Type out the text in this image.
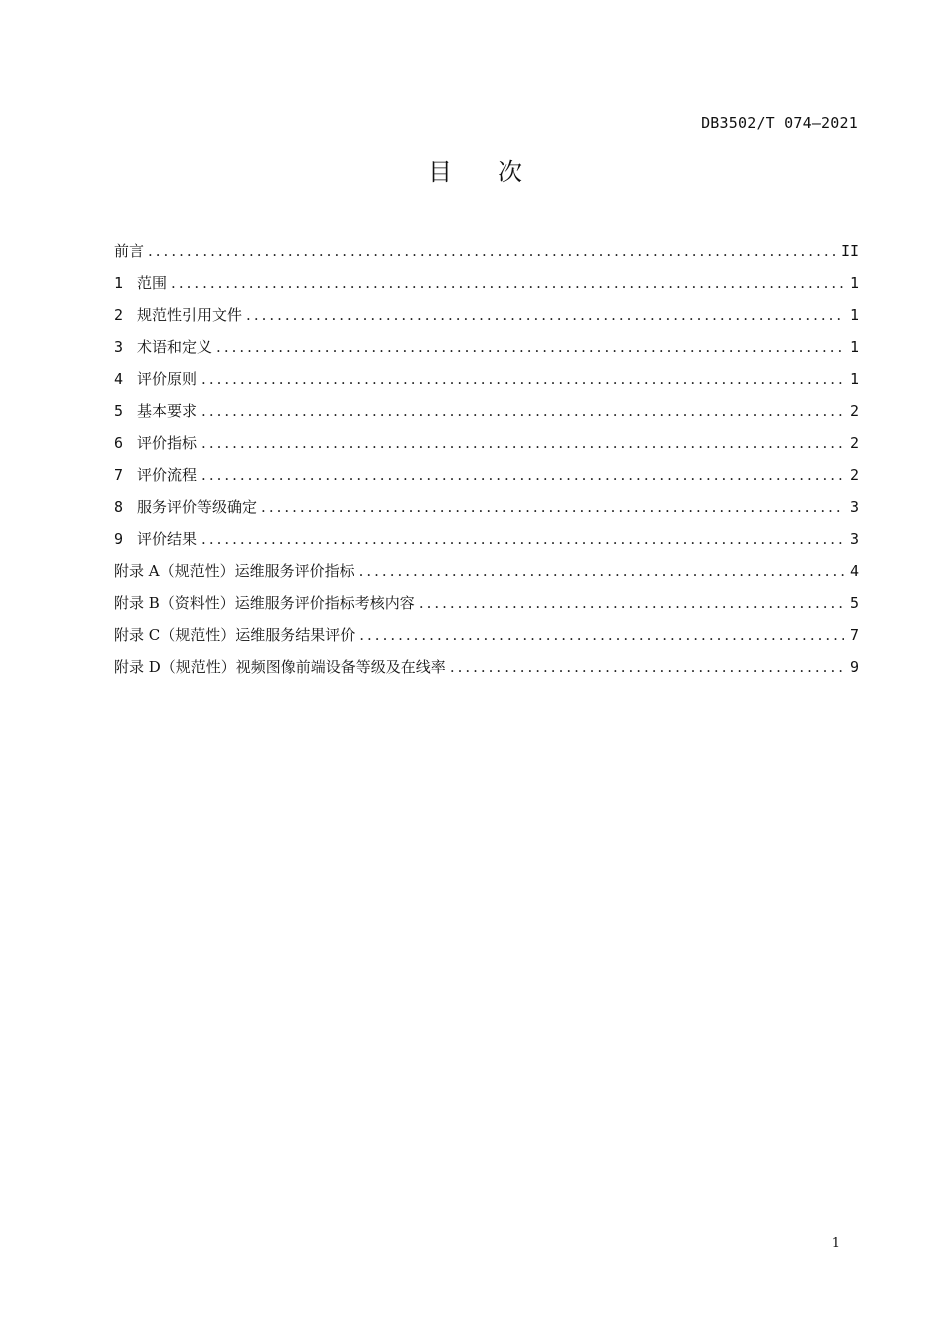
DB3502/T 074—2021
目次
前言 .....	II
1 范围 .....	1
2 规范性引用文件 .....	1
3 术语和定义 .....	1
4 评价原则 .....	1
5 基本要求 .....	2
6 评价指标 .....	2
7 评价流程 .....	2
8 服务评价等级确定 .....	3
9 评价结果 .....	3
附录 A（规范性） 运维服务评价指标 .....	4
附录 B（资料性） 运维服务评价指标考核内容 .....	5
附录 C（规范性） 运维服务结果评价 .....	7
附录 D（规范性） 视频图像前端设备等级及在线率 .....	9
1
